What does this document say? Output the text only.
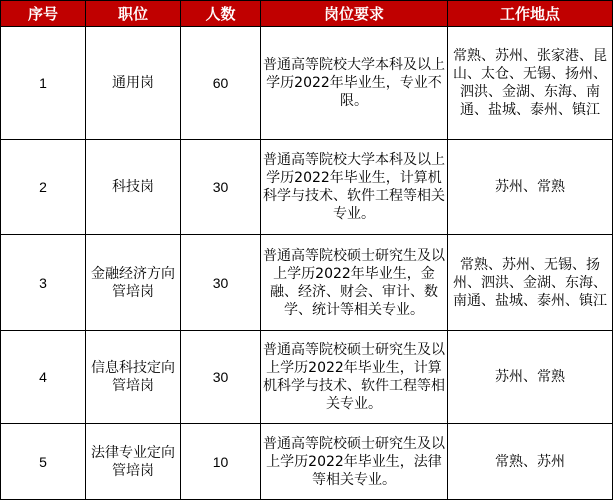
序号	职位	人数	岗位要求	工作地点
1	通用岗	60	普通高等院校大学本科及以上学历2022年毕业生，专业不限。	常熟、苏州、张家港、昆山、太仓、无锡、扬州、泗洪、金湖、东海、南通、盐城、泰州、镇江
2	科技岗	30	普通高等院校大学本科及以上学历2022年毕业生，计算机科学与技术、软件工程等相关专业。	苏州、常熟
3	金融经济方向管培岗	30	普通高等院校硕士研究生及以上学历2022年毕业生，金融、经济、财会、审计、数学、统计等相关专业。	常熟、苏州、无锡、扬州、泗洪、金湖、东海、南通、盐城、泰州、镇江
4	信息科技定向管培岗	30	普通高等院校硕士研究生及以上学历2022年毕业生，计算机科学与技术、软件工程等相关专业。	苏州、常熟
5	法律专业定向管培岗	10	普通高等院校硕士研究生及以上学历2022年毕业生，法律等相关专业。	常熟、苏州
